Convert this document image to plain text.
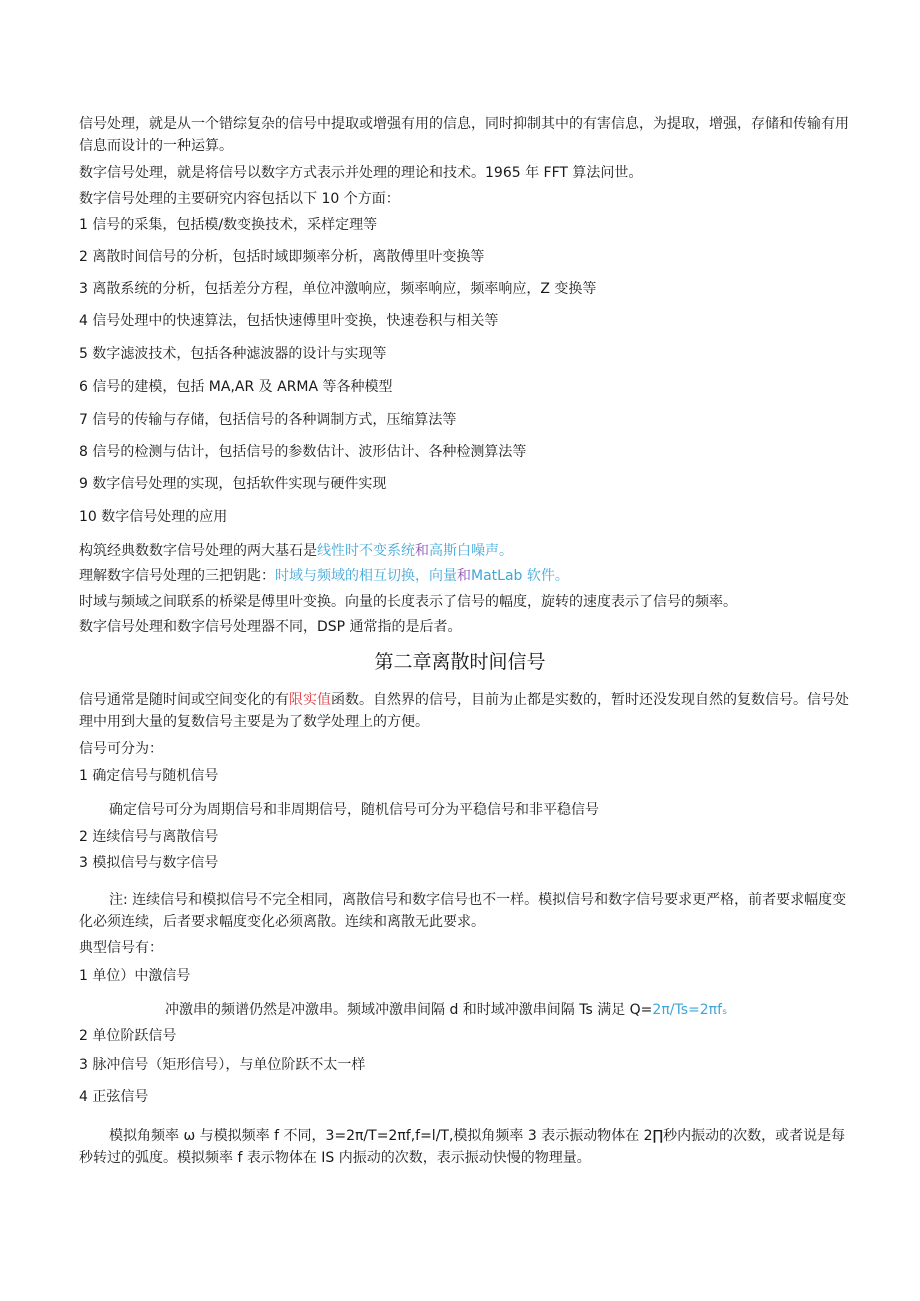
信号处理，就是从一个错综复杂的信号中提取或增强有用的信息，同时抑制其中的有害信息，为提取，增强，存储和传输有用信息而设计的一种运算。
数字信号处理，就是将信号以数字方式表示并处理的理论和技术。1965 年 FFT 算法问世。
数字信号处理的主要研究内容包括以下 10 个方面：
1 信号的采集，包括模/数变换技术，采样定理等
2 离散时间信号的分析，包括时域即频率分析，离散傅里叶变换等
3 离散系统的分析，包括差分方程，单位冲激响应，频率响应，频率响应，Z 变换等
4 信号处理中的快速算法，包括快速傅里叶变换，快速卷积与相关等
5 数字滤波技术，包括各种滤波器的设计与实现等
6 信号的建模，包括 MA,AR 及 ARMA 等各种模型
7 信号的传输与存储，包括信号的各种调制方式，压缩算法等
8 信号的检测与估计，包括信号的参数估计、波形估计、各种检测算法等
9 数字信号处理的实现，包括软件实现与硬件实现
10 数字信号处理的应用
构筑经典数数字信号处理的两大基石是线性时不变系统和高斯白噪声。
理解数字信号处理的三把钥匙：时域与频域的相互切换，向量和MatLab 软件。
时域与频域之间联系的桥梁是傅里叶变换。向量的长度表示了信号的幅度，旋转的速度表示了信号的频率。
数字信号处理和数字信号处理器不同，DSP 通常指的是后者。
第二章离散时间信号
信号通常是随时间或空间变化的有限实值函数。自然界的信号，目前为止都是实数的，暂时还没发现自然的复数信号。信号处理中用到大量的复数信号主要是为了数学处理上的方便。
信号可分为：
1 确定信号与随机信号
确定信号可分为周期信号和非周期信号，随机信号可分为平稳信号和非平稳信号
2 连续信号与离散信号
3 模拟信号与数字信号
注: 连续信号和模拟信号不完全相同，离散信号和数字信号也不一样。模拟信号和数字信号要求更严格，前者要求幅度变化必须连续，后者要求幅度变化必须离散。连续和离散无此要求。
典型信号有：
1 单位）中激信号
冲激串的频谱仍然是冲激串。频域冲激串间隔 d 和时域冲激串间隔 Ts 满足 Q=2π/Ts=2πfₛ
2 单位阶跃信号
3 脉冲信号（矩形信号），与单位阶跃不太一样
4 正弦信号
模拟角频率 ω 与模拟频率 f 不同，3=2π/T=2πf,f=l/T,模拟角频率 3 表示振动物体在 2∏秒内振动的次数，或者说是每秒转过的弧度。模拟频率 f 表示物体在 IS 内振动的次数，表示振动快慢的物理量。
